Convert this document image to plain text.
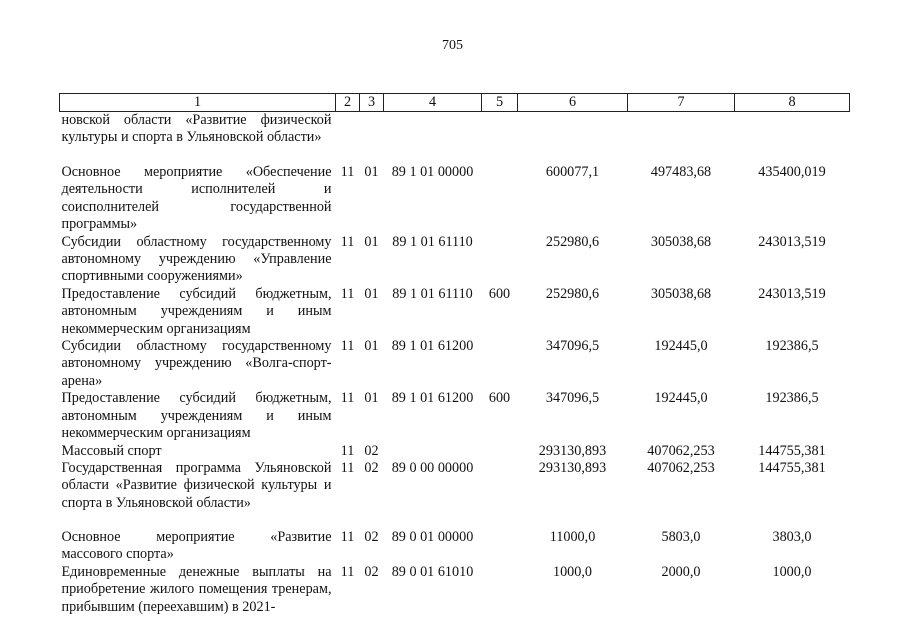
705
1	2	3	4	5	6	7	8
новской области «Развитие физической культуры и спорта в Ульяновской области»							
Основное мероприятие «Обеспечение деятельности исполнителей и соисполнителей государственной программы»	11	01	89 1 01 00000		600077,1	497483,68	435400,019
Субсидии областному государственному автономному учреждению «Управление спортивными сооружениями»	11	01	89 1 01 61110		252980,6	305038,68	243013,519
Предоставление субсидий бюджетным, автономным учреждениям и иным некоммерческим организациям	11	01	89 1 01 61110	600	252980,6	305038,68	243013,519
Субсидии областному государственному автономному учреждению «Волга-спорт-арена»	11	01	89 1 01 61200		347096,5	192445,0	192386,5
Предоставление субсидий бюджетным, автономным учреждениям и иным некоммерческим организациям	11	01	89 1 01 61200	600	347096,5	192445,0	192386,5
Массовый спорт	11	02			293130,893	407062,253	144755,381
Государственная программа Ульяновской области «Развитие физической культуры и спорта в Ульяновской области»	11	02	89 0 00 00000		293130,893	407062,253	144755,381
Основное мероприятие «Развитие массового спорта»	11	02	89 0 01 00000		11000,0	5803,0	3803,0
Единовременные денежные выплаты на приобретение жилого помещения тренерам, прибывшим (переехавшим) в 2021-	11	02	89 0 01 61010		1000,0	2000,0	1000,0
